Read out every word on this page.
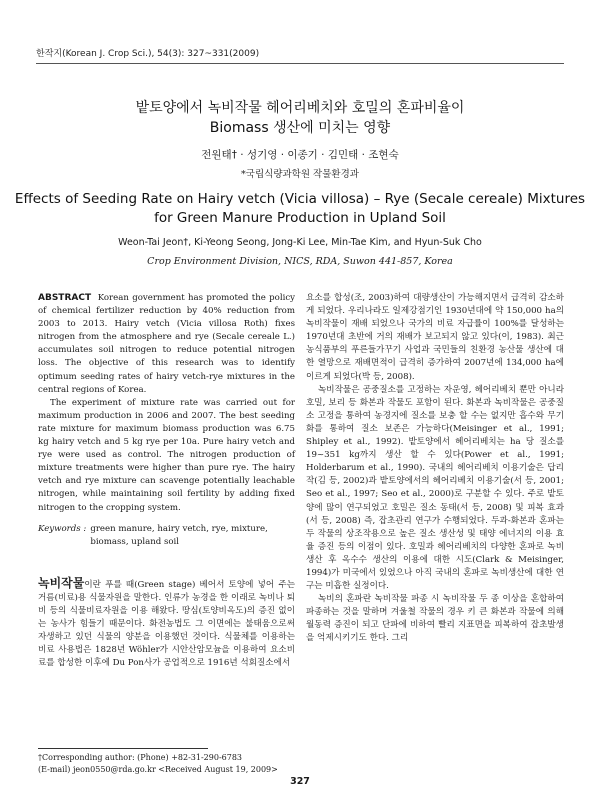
한작지(Korean J. Crop Sci.), 54(3): 327~331(2009)
밭토양에서 녹비작물 헤어리베치와 호밀의 혼파비율이
Biomass 생산에 미치는 영향
전원태† · 성기영 · 이종기 · 김민태 · 조현숙
*국립식량과학원 작물환경과
Effects of Seeding Rate on Hairy vetch (Vicia villosa) – Rye (Secale cereale) Mixtures
for Green Manure Production in Upland Soil
Weon-Tai Jeon†, Ki-Yeong Seong, Jong-Ki Lee, Min-Tae Kim, and Hyun-Suk Cho
Crop Environment Division, NICS, RDA, Suwon 441-857, Korea

ABSTRACT Korean government has promoted the policy of chemical fertilizer reduction by 40% reduction from 2003 to 2013. Hairy vetch (Vicia villosa Roth) fixes nitrogen from the atmosphere and rye (Secale cereale L.) accumulates soil nitrogen to reduce potential nitrogen loss. The objective of this research was to identify optimum seeding rates of hairy vetch-rye mixtures in the central regions of Korea.

The experiment of mixture rate was carried out for maximum production in 2006 and 2007. The best seeding rate mixture for maximum biomass production was 6.75 kg hairy vetch and 5 kg rye per 10a. Pure hairy vetch and rye were used as control. The nitrogen production of mixture treatments were higher than pure rye. The hairy vetch and rye mixture can scavenge potentially leachable nitrogen, while maintaining soil fertility by adding fixed nitrogen to the cropping system.

Keywords : green manure, hairy vetch, rye, mixture, biomass, upland soil

녹비작물이란 푸를 때(Green stage) 베어서 토양에 넣어 주는 거름(비료)용 식물자원을 말한다. 인류가 농경을 한 이래로 녹비나 퇴비 등의 식물비료자원을 이용 해왔다. 땅심(토양비옥도)의 증진 없이는 농사가 힘들기 때문이다. 화전농법도 그 이면에는 불태움으로써 자생하고 있던 식물의 양분을 이용했던 것이다. 식물체를 이용하는 비료 사용법은 1828년 Wöhler가 시안산암모늄을 이용하여 요소비료를 합성한 이후에 Du Pon사가 공업적으로 1916년 석회질소에서

요소를 합성(조, 2003)하여 대량생산이 가능해지면서 급격히 감소하게 되었다. 우리나라도 일제강점기인 1930년대에 약 150,000 ha의 녹비작물이 재배 되었으나 국가의 비료 자급률이 100%를 달성하는 1970년대 초반에 거의 재배가 보고되지 않고 있다(이, 1983). 최근 농식품부의 푸른들가꾸기 사업과 국민들의 친환경 농산물 생산에 대한 열망으로 재배면적이 급격히 증가하여 2007년에 134,000 ha에 이르게 되었다(박 등, 2008).

녹비작물은 공중질소를 고정하는 자운영, 헤어리베치 뿐만 아니라 호밀, 보리 등 화본과 작물도 포함이 된다. 화본과 녹비작물은 공중질소 고정을 통하여 농경지에 질소를 보충 할 수는 없지만 흡수와 무기화를 통하여 질소 보존은 가능하다(Meisinger et al., 1991; Shipley et al., 1992). 밭토양에서 헤어리베치는 ha 당 질소를 19~351 kg까지 생산 할 수 있다(Power et al., 1991; Holderbarum et al., 1990). 국내의 헤어리베치 이용기술은 답리작(김 등, 2002)과 밭토양에서의 헤어리베치 이용기술(서 등, 2001; Seo et al., 1997; Seo et al., 2000)로 구분할 수 있다. 주로 밭토양에 많이 연구되었고 호밀은 질소 동태(서 등, 2008) 및 피복 효과(서 등, 2008) 즉, 잡초관리 연구가 수행되었다. 두과-화본과 혼파는 두 작물의 상조작용으로 높은 질소 생산성 및 태양 에너지의 이용 효율 증진 등의 이점이 있다. 호밀과 헤어리베치의 다양한 혼파로 녹비생산 후 옥수수 생산의 이용에 대한 시도(Clark & Meisinger, 1994)가 미국에서 있었으나 아직 국내의 혼파로 녹비생산에 대한 연구는 미흡한 실정이다.

녹비의 혼파란 녹비작물 파종 시 녹비작물 두 종 이상을 혼합하여 파종하는 것을 말하며 겨울철 작물의 경우 키 큰 화본과 작물에 의해 월동력 증진이 되고 단파에 비하여 빨리 지표면을 피복하여 잡초발생을 억제시키기도 한다. 그리

†Corresponding author: (Phone) +82-31-290-6783
(E-mail) jeon0550@rda.go.kr <Received August 19, 2009>
327
